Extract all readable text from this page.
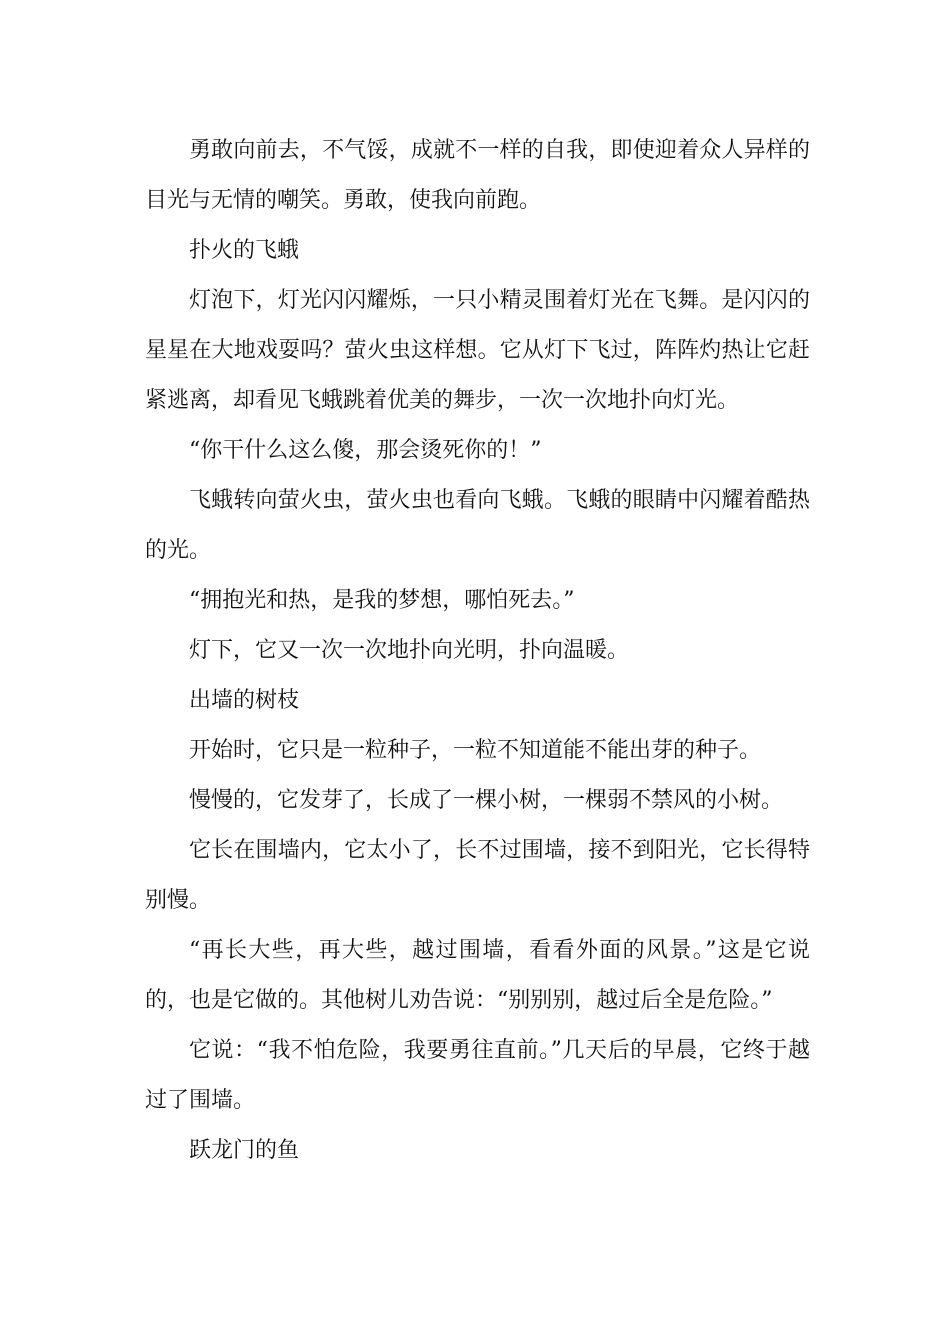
勇敢向前去，不气馁，成就不一样的自我，即使迎着众人异样的目光与无情的嘲笑。勇敢，使我向前跑。

扑火的飞蛾

灯泡下，灯光闪闪耀烁，一只小精灵围着灯光在飞舞。是闪闪的星星在大地戏耍吗？萤火虫这样想。它从灯下飞过，阵阵灼热让它赶紧逃离，却看见飞蛾跳着优美的舞步，一次一次地扑向灯光。

“你干什么这么傻，那会烫死你的！”

飞蛾转向萤火虫，萤火虫也看向飞蛾。飞蛾的眼睛中闪耀着酷热的光。

“拥抱光和热，是我的梦想，哪怕死去。”

灯下，它又一次一次地扑向光明，扑向温暖。

出墙的树枝

开始时，它只是一粒种子，一粒不知道能不能出芽的种子。

慢慢的，它发芽了，长成了一棵小树，一棵弱不禁风的小树。

它长在围墙内，它太小了，长不过围墙，接不到阳光，它长得特别慢。

“再长大些，再大些，越过围墙，看看外面的风景。”这是它说的，也是它做的。其他树儿劝告说：“别别别，越过后全是危险。”

它说：“我不怕危险，我要勇往直前。”几天后的早晨，它终于越过了围墙。

跃龙门的鱼
